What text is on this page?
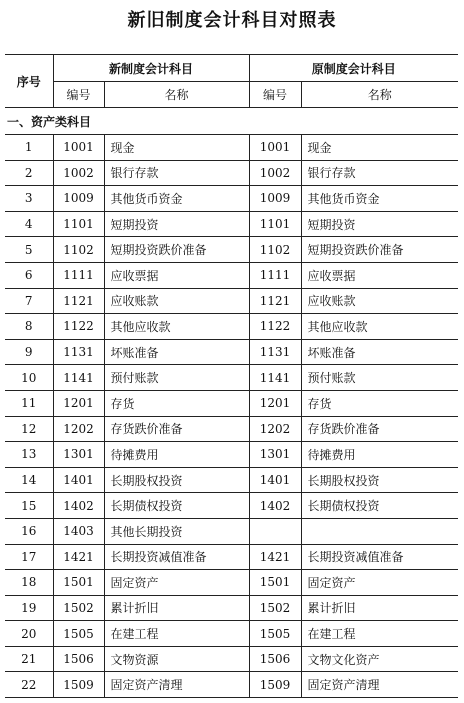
新旧制度会计科目对照表
序号	新制度会计科目		原制度会计科目	
	编号	名称	编号	名称
一、资产类科目				
1	1001	现金	1001	现金
2	1002	银行存款	1002	银行存款
3	1009	其他货币资金	1009	其他货币资金
4	1101	短期投资	1101	短期投资
5	1102	短期投资跌价准备	1102	短期投资跌价准备
6	1111	应收票据	1111	应收票据
7	1121	应收账款	1121	应收账款
8	1122	其他应收款	1122	其他应收款
9	1131	坏账准备	1131	坏账准备
10	1141	预付账款	1141	预付账款
11	1201	存货	1201	存货
12	1202	存货跌价准备	1202	存货跌价准备
13	1301	待摊费用	1301	待摊费用
14	1401	长期股权投资	1401	长期股权投资
15	1402	长期债权投资	1402	长期债权投资
16	1403	其他长期投资		
17	1421	长期投资减值准备	1421	长期投资减值准备
18	1501	固定资产	1501	固定资产
19	1502	累计折旧	1502	累计折旧
20	1505	在建工程	1505	在建工程
21	1506	文物资源	1506	文物文化资产
22	1509	固定资产清理	1509	固定资产清理
